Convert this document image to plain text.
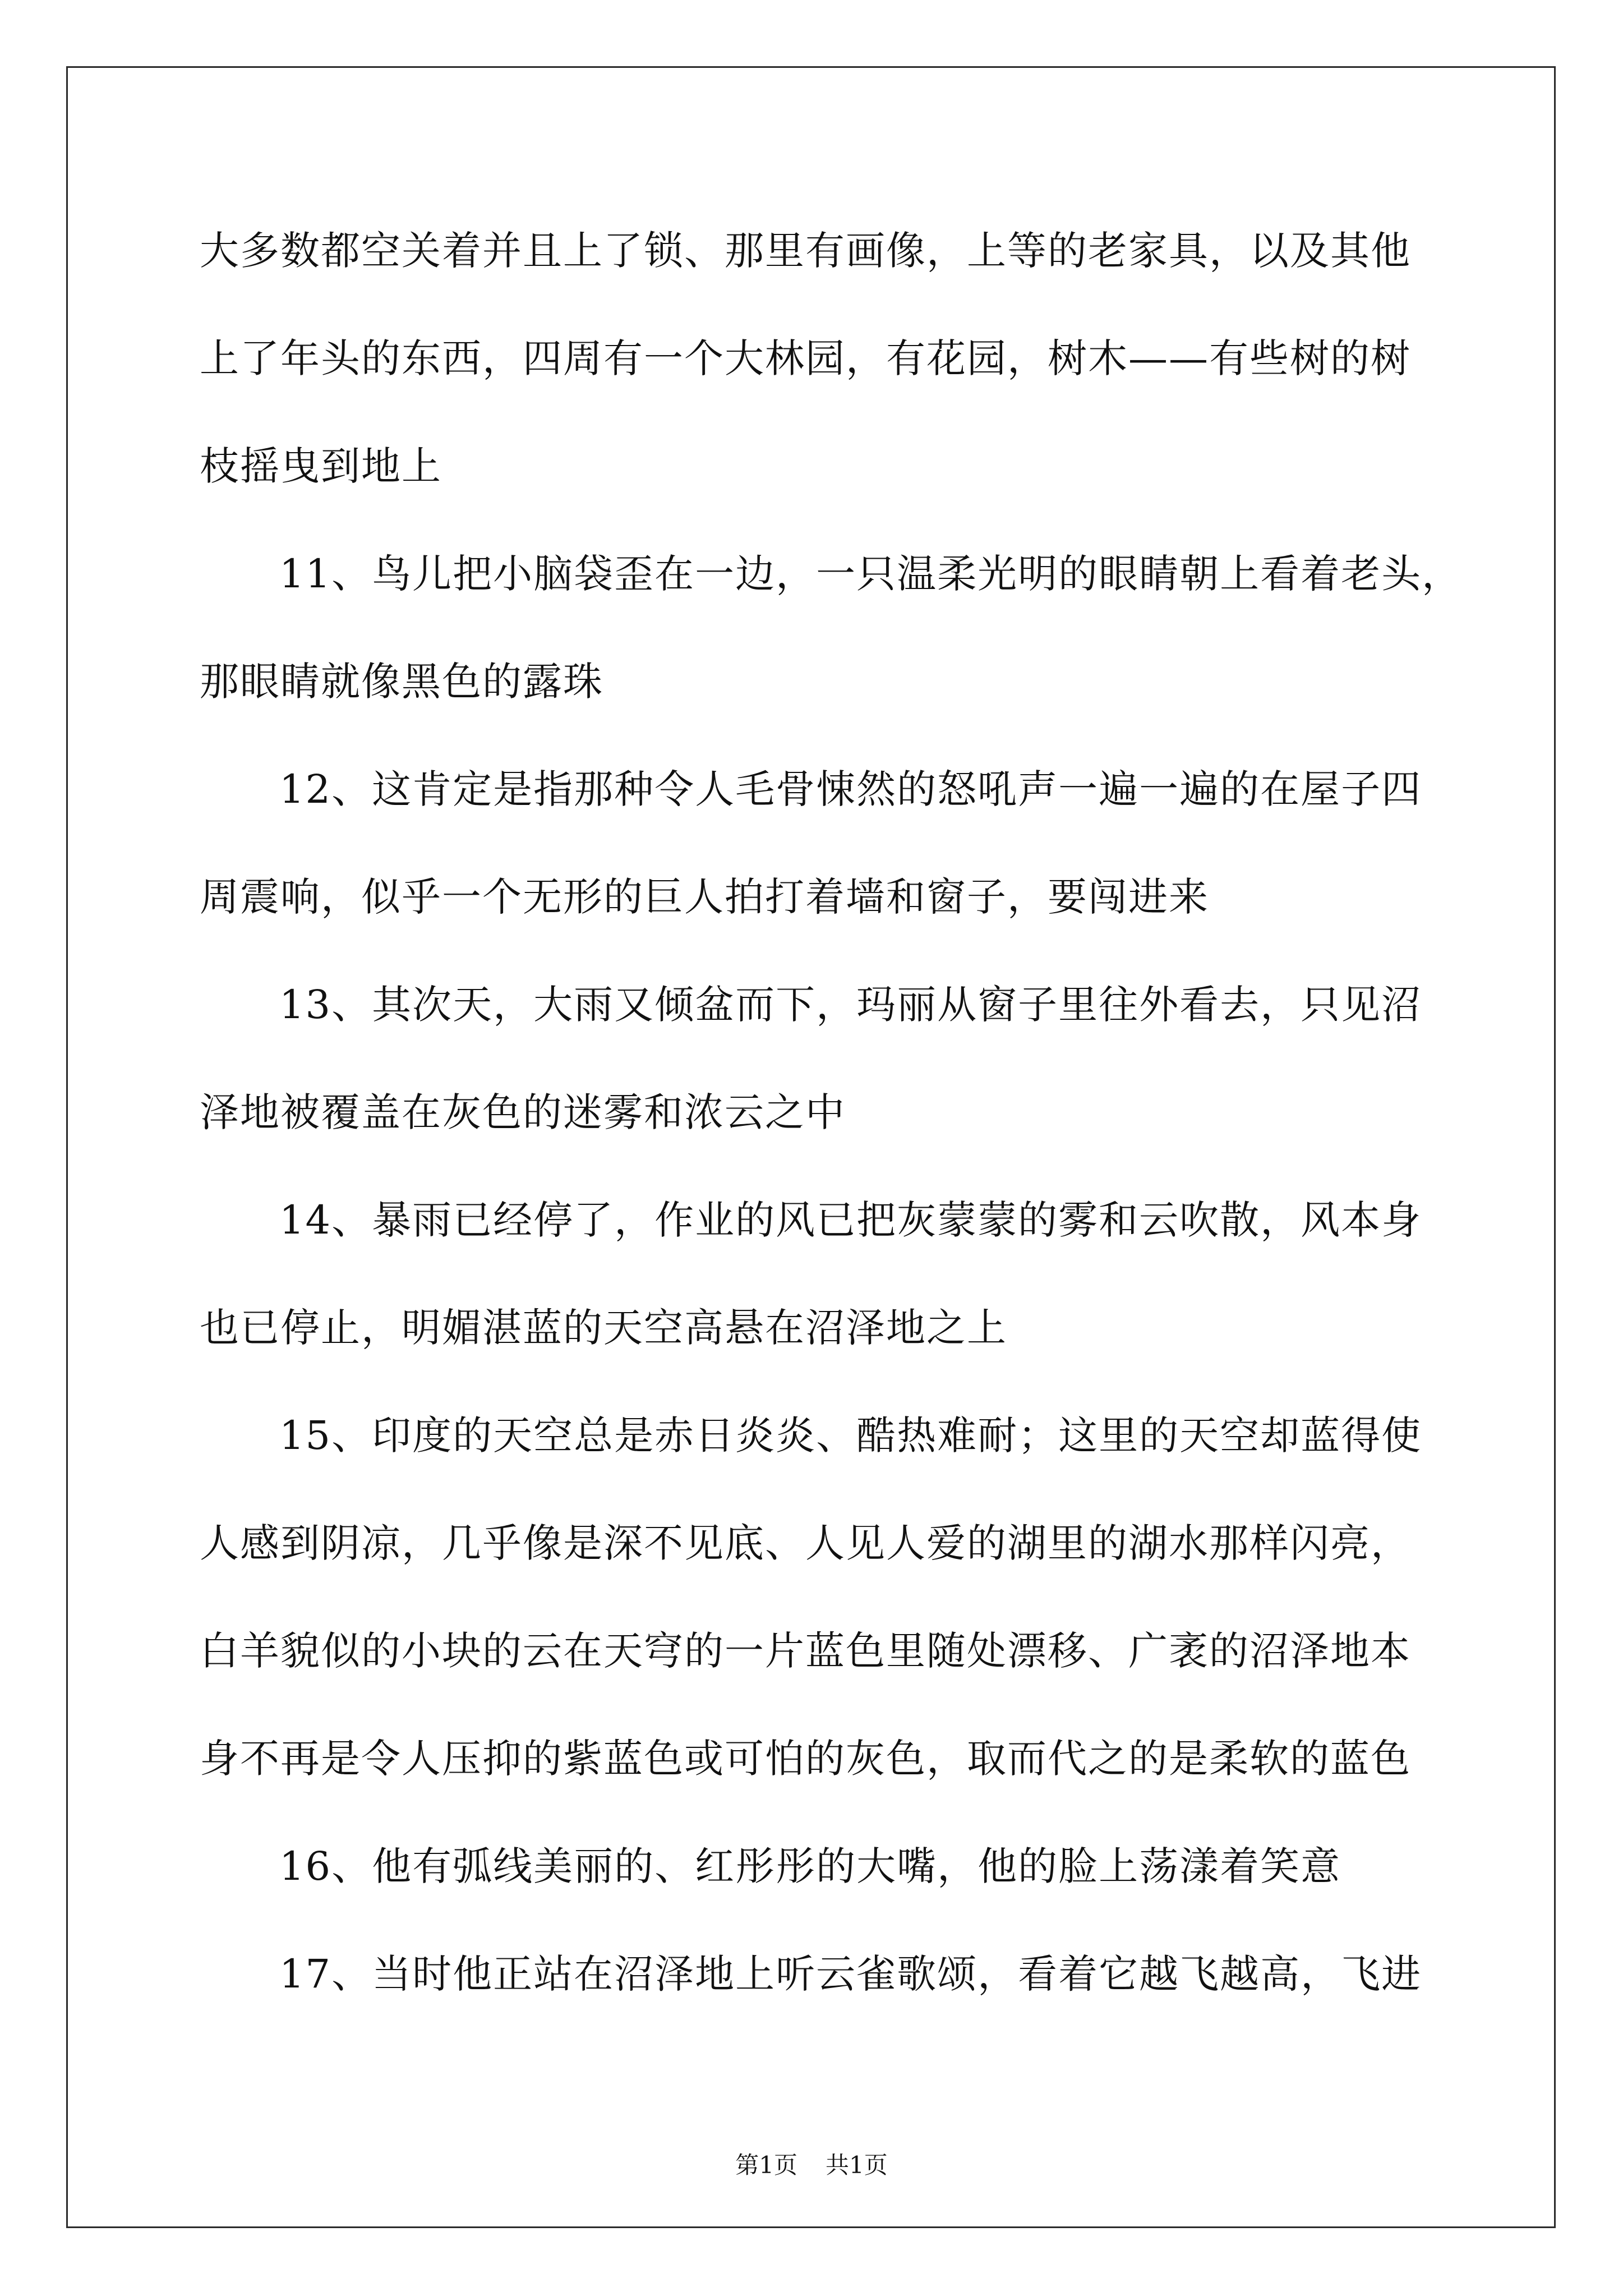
大多数都空关着并且上了锁、那里有画像，上等的老家具，以及其他
上了年头的东西，四周有一个大林园，有花园，树木——有些树的树
枝摇曳到地上
11、鸟儿把小脑袋歪在一边，一只温柔光明的眼睛朝上看着老头，
那眼睛就像黑色的露珠
12、这肯定是指那种令人毛骨悚然的怒吼声一遍一遍的在屋子四
周震响，似乎一个无形的巨人拍打着墙和窗子，要闯进来
13、其次天，大雨又倾盆而下，玛丽从窗子里往外看去，只见沼
泽地被覆盖在灰色的迷雾和浓云之中
14、暴雨已经停了，作业的风已把灰蒙蒙的雾和云吹散，风本身
也已停止，明媚湛蓝的天空高悬在沼泽地之上
15、印度的天空总是赤日炎炎、酷热难耐；这里的天空却蓝得使
人感到阴凉，几乎像是深不见底、人见人爱的湖里的湖水那样闪亮，
白羊貌似的小块的云在天穹的一片蓝色里随处漂移、广袤的沼泽地本
身不再是令人压抑的紫蓝色或可怕的灰色，取而代之的是柔软的蓝色
16、他有弧线美丽的、红彤彤的大嘴，他的脸上荡漾着笑意
17、当时他正站在沼泽地上听云雀歌颂，看着它越飞越高，飞进
第1页 共1页
